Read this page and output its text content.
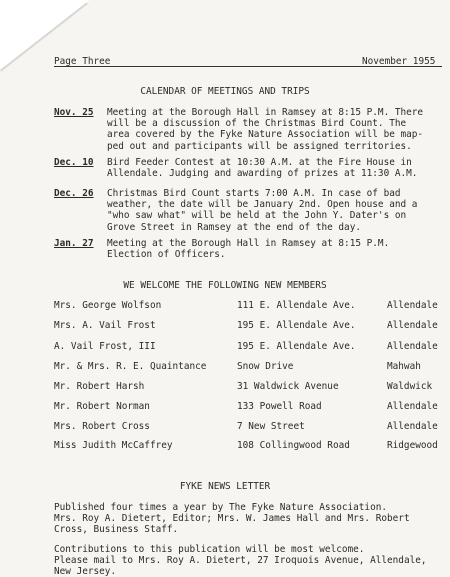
Page Three	November 1955
CALENDAR OF MEETINGS AND TRIPS
Nov. 25 Meeting at the Borough Hall in Ramsey at 8:15 P.M. There
will be a discussion of the Christmas Bird Count. The
area covered by the Fyke Nature Association will be map-
ped out and participants will be assigned territories.
Dec. 10 Bird Feeder Contest at 10:30 A.M. at the Fire House in
Allendale. Judging and awarding of prizes at 11:30 A.M.
Dec. 26 Christmas Bird Count starts 7:00 A.M. In case of bad
weather, the date will be January 2nd. Open house and a
"who saw what" will be held at the John Y. Dater's on
Grove Street in Ramsey at the end of the day.
Jan. 27 Meeting at the Borough Hall in Ramsey at 8:15 P.M.
Election of Officers.
WE WELCOME THE FOLLOWING NEW MEMBERS
Mrs. George Wolfson	111 E. Allendale Ave.	Allendale
Mrs. A. Vail Frost	195 E. Allendale Ave.	Allendale
A. Vail Frost, III	195 E. Allendale Ave.	Allendale
Mr. & Mrs. R. E. Quaintance	Snow Drive	Mahwah
Mr. Robert Harsh	31 Waldwick Avenue	Waldwick
Mr. Robert Norman	133 Powell Road	Allendale
Mrs. Robert Cross	7 New Street	Allendale
Miss Judith McCaffrey	108 Collingwood Road	Ridgewood
FYKE NEWS LETTER
Published four times a year by The Fyke Nature Association.
Mrs. Roy A. Dietert, Editor; Mrs. W. James Hall and Mrs. Robert
Cross, Business Staff.
Contributions to this publication will be most welcome.
Please mail to Mrs. Roy A. Dietert, 27 Iroquois Avenue, Allendale,
New Jersey.
